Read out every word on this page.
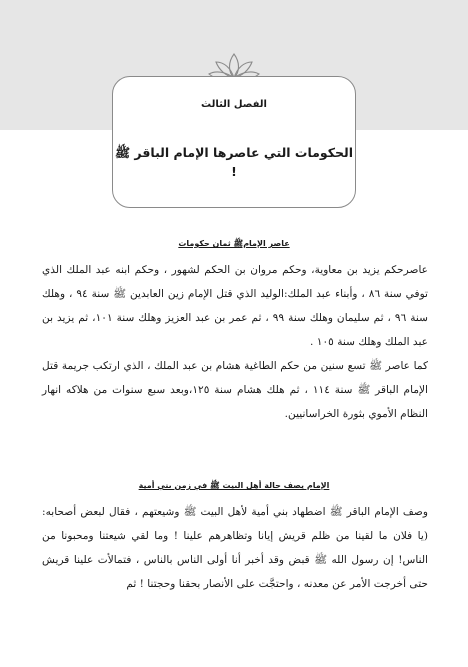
الفصل الثالث
الحكومات التي عاصرها الإمام الباقر ﷺ !
عاصر الإمامﷺ ثمان حكومات

عاصرحكم يزيد بن معاوية، وحكم مروان بن الحكم لشهور ، وحكم ابنه عبد الملك الذي توفي سنة ٨٦ ، وأبناء عبد الملك:الوليد الذي قتل الإمام زين العابدين ﷺ سنة ٩٤ ، وهلك سنة ٩٦ ، ثم سليمان وهلك سنة ٩٩ ، ثم عمر بن عبد العزيز وهلك سنة ١٠١، ثم يزيد بن عبد الملك وهلك سنة ١٠٥ .

كما عاصر ﷺ تسع سنين من حكم الطاغية هشام بن عبد الملك ، الذي ارتكب جريمة قتل الإمام الباقر ﷺ سنة ١١٤ ، ثم هلك هشام سنة ١٢٥،وبعد سبع سنوات من هلاكه انهار النظام الأموي بثورة الخراسانيين.

الإمام يصف حالة أهل البيت ﷺ في زمن بني أمية

وصف الإمام الباقر ﷺ اضطهاد بني أمية لأهل البيت ﷺ وشيعتهم ، فقال لبعض أصحابه: (يا فلان ما لقينا من ظلم قريش إيانا وتظاهرهم علينا ! وما لقي شيعتنا ومحبونا من الناس! إن رسول الله ﷺ قبض وقد أخبر أنا أولى الناس بالناس ، فتمالأت علينا قريش حتى أخرجت الأمر عن معدنه ، واحتجَّت على الأنصار بحقنا وحجتنا ! ثم
